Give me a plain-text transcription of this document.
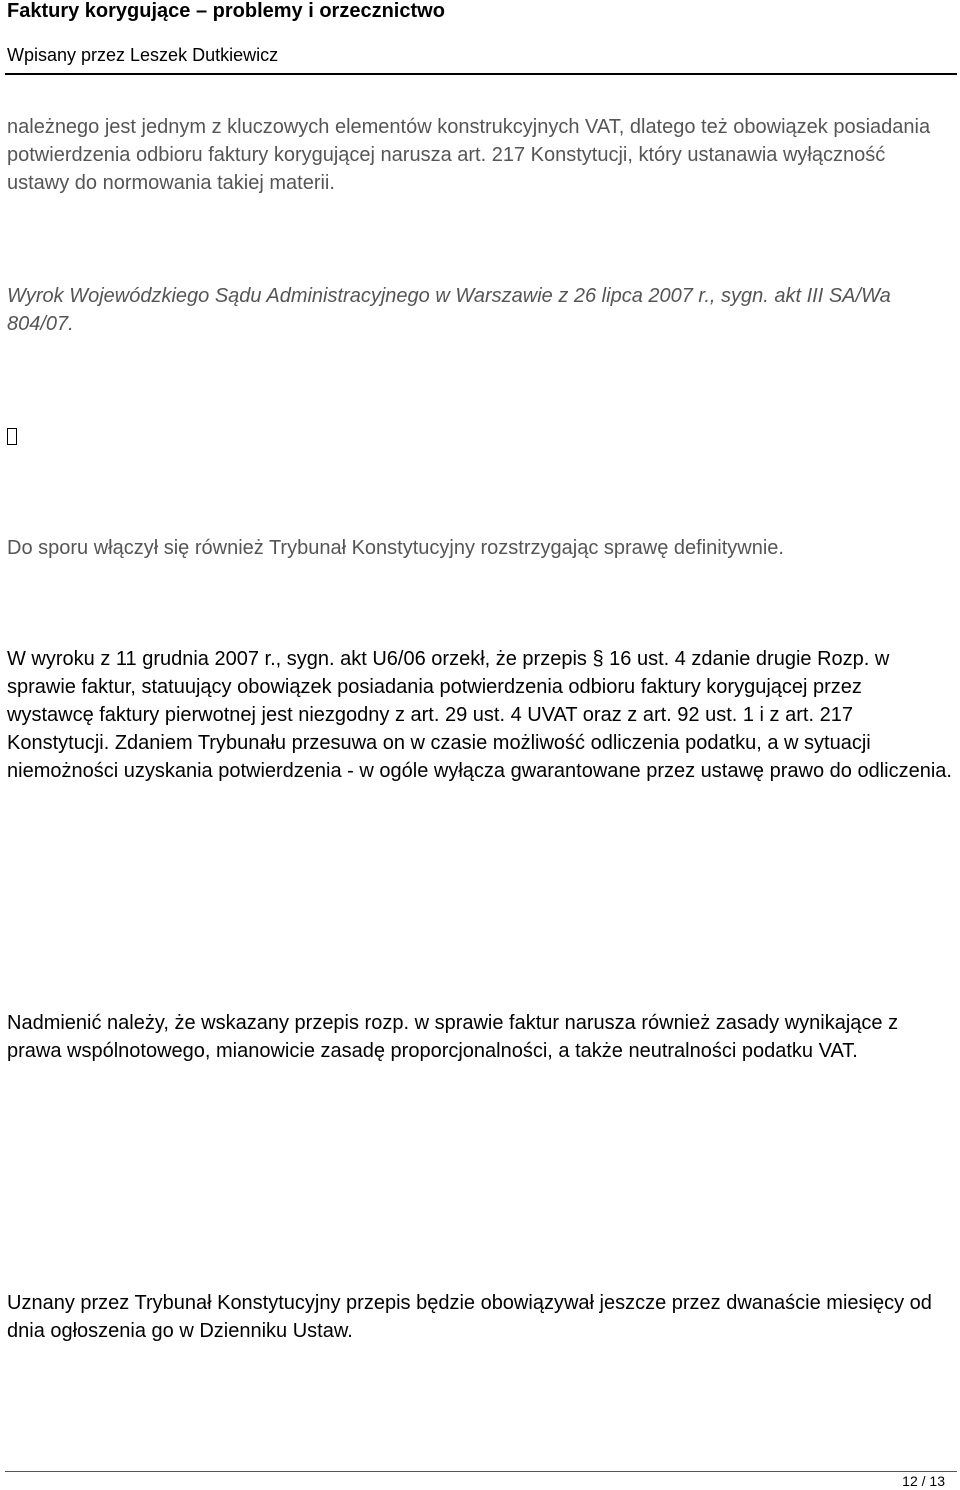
Faktury korygujące – problemy i orzecznictwo
Wpisany przez Leszek Dutkiewicz

należnego jest jednym z kluczowych elementów konstrukcyjnych VAT, dlatego też obowiązek posiadania potwierdzenia odbioru faktury korygującej narusza art. 217 Konstytucji, który ustanawia wyłączność ustawy do normowania takiej materii.

Wyrok Wojewódzkiego Sądu Administracyjnego w Warszawie z 26 lipca 2007 r., sygn. akt III SA/Wa 804/07.

Do sporu włączył się również Trybunał Konstytucyjny rozstrzygając sprawę definitywnie.

W wyroku z 11 grudnia 2007 r., sygn. akt U6/06 orzekł, że przepis § 16 ust. 4 zdanie drugie Rozp. w sprawie faktur, statuujący obowiązek posiadania potwierdzenia odbioru faktury korygującej przez wystawcę faktury pierwotnej jest niezgodny z art. 29 ust. 4 UVAT oraz z art. 92 ust. 1 i z art. 217 Konstytucji. Zdaniem Trybunału przesuwa on w czasie możliwość odliczenia podatku, a w sytuacji niemożności uzyskania potwierdzenia - w ogóle wyłącza gwarantowane przez ustawę prawo do odliczenia.

Nadmienić należy, że wskazany przepis rozp. w sprawie faktur narusza również zasady wynikające z prawa wspólnotowego, mianowicie zasadę proporcjonalności, a także neutralności podatku VAT.

Uznany przez Trybunał Konstytucyjny przepis będzie obowiązywał jeszcze przez dwanaście miesięcy od dnia ogłoszenia go w Dzienniku Ustaw.

12 / 13
